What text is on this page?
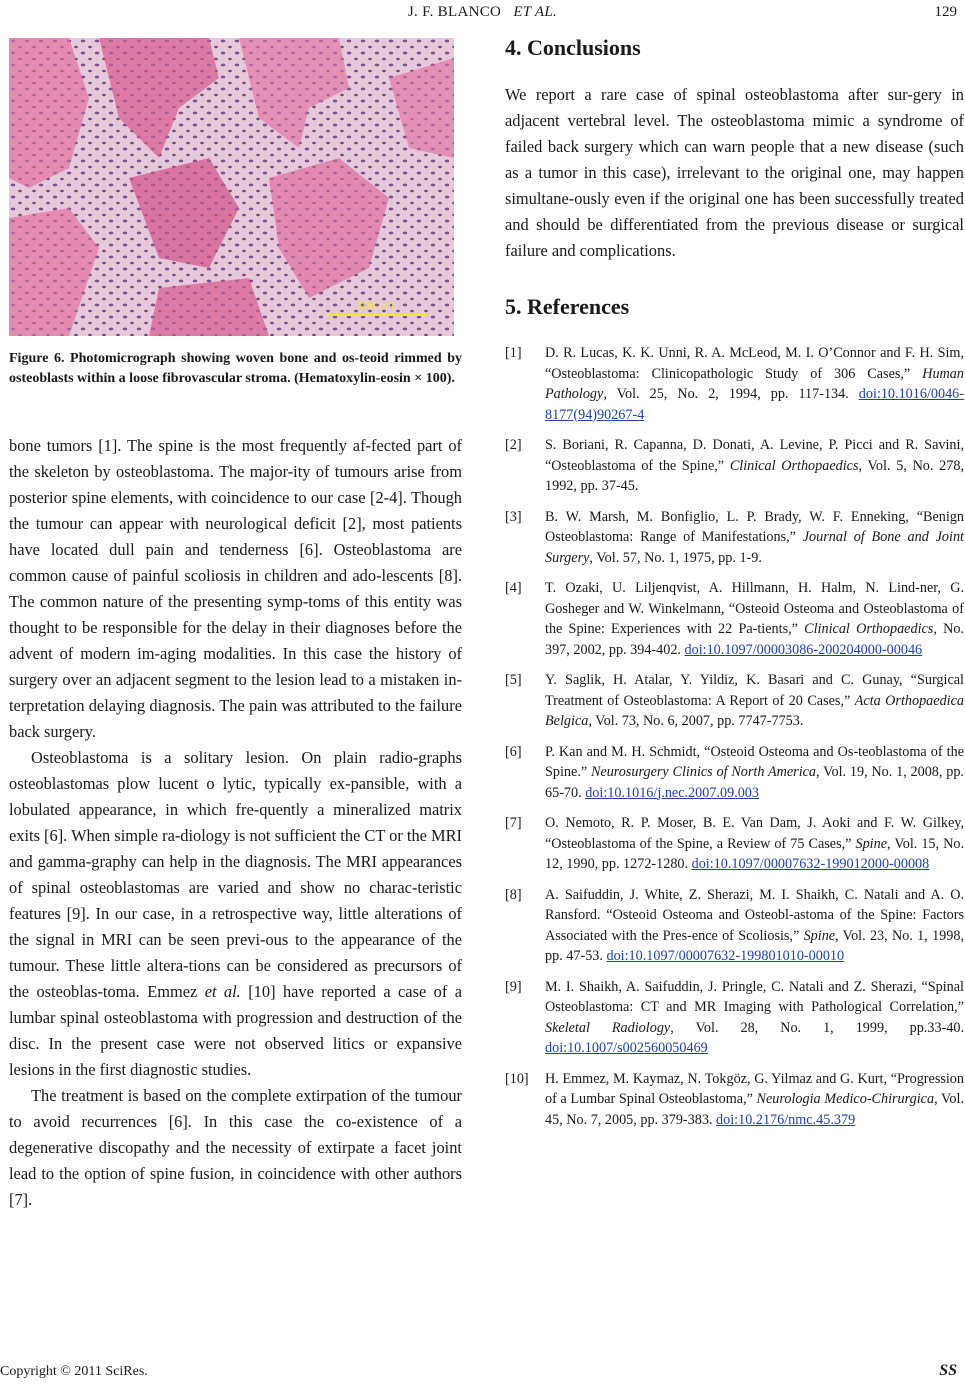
J. F. BLANCO ET AL.	129
100 µm
Figure 6. Photomicrograph showing woven bone and os-teoid rimmed by osteoblasts within a loose fibrovascular stroma. (Hematoxylin-eosin × 100).

bone tumors [1]. The spine is the most frequently af-fected part of the skeleton by osteoblastoma. The major-ity of tumours arise from posterior spine elements, with coincidence to our case [2-4]. Though the tumour can appear with neurological deficit [2], most patients have located dull pain and tenderness [6]. Osteoblastoma are common cause of painful scoliosis in children and ado-lescents [8]. The common nature of the presenting symp-toms of this entity was thought to be responsible for the delay in their diagnoses before the advent of modern im-aging modalities. In this case the history of surgery over an adjacent segment to the lesion lead to a mistaken in-terpretation delaying diagnosis. The pain was attributed to the failure back surgery.

Osteoblastoma is a solitary lesion. On plain radio-graphs osteoblastomas plow lucent o lytic, typically ex-pansible, with a lobulated appearance, in which fre-quently a mineralized matrix exits [6]. When simple ra-diology is not sufficient the CT or the MRI and gamma-graphy can help in the diagnosis. The MRI appearances of spinal osteoblastomas are varied and show no charac-teristic features [9]. In our case, in a retrospective way, little alterations of the signal in MRI can be seen previ-ous to the appearance of the tumour. These little altera-tions can be considered as precursors of the osteoblas-toma. Emmez et al. [10] have reported a case of a lumbar spinal osteoblastoma with progression and destruction of the disc. In the present case were not observed litics or expansive lesions in the first diagnostic studies.

The treatment is based on the complete extirpation of the tumour to avoid recurrences [6]. In this case the co-existence of a degenerative discopathy and the necessity of extirpate a facet joint lead to the option of spine fusion, in coincidence with other authors [7].

4. Conclusions

We report a rare case of spinal osteoblastoma after sur-gery in adjacent vertebral level. The osteoblastoma mimic a syndrome of failed back surgery which can warn people that a new disease (such as a tumor in this case), irrelevant to the original one, may happen simultane-ously even if the original one has been successfully treated and should be differentiated from the previous disease or surgical failure and complications.

5. References
[1]	D. R. Lucas, K. K. Unni, R. A. McLeod, M. I. O’Connor and F. H. Sim, “Osteoblastoma: Clinicopathologic Study of 306 Cases,” Human Pathology, Vol. 25, No. 2, 1994, pp. 117-134. doi:10.1016/0046-8177(94)90267-4
[2]	S. Boriani, R. Capanna, D. Donati, A. Levine, P. Picci and R. Savini, “Osteoblastoma of the Spine,” Clinical Orthopaedics, Vol. 5, No. 278, 1992, pp. 37-45.
[3]	B. W. Marsh, M. Bonfiglio, L. P. Brady, W. F. Enneking, “Benign Osteoblastoma: Range of Manifestations,” Journal of Bone and Joint Surgery, Vol. 57, No. 1, 1975, pp. 1-9.
[4]	T. Ozaki, U. Liljenqvist, A. Hillmann, H. Halm, N. Lind-ner, G. Gosheger and W. Winkelmann, “Osteoid Osteoma and Osteoblastoma of the Spine: Experiences with 22 Pa-tients,” Clinical Orthopaedics, No. 397, 2002, pp. 394-402. doi:10.1097/00003086-200204000-00046
[5]	Y. Saglik, H. Atalar, Y. Yildiz, K. Basari and C. Gunay, “Surgical Treatment of Osteoblastoma: A Report of 20 Cases,” Acta Orthopaedica Belgica, Vol. 73, No. 6, 2007, pp. 7747-7753.
[6]	P. Kan and M. H. Schmidt, “Osteoid Osteoma and Os-teoblastoma of the Spine.” Neurosurgery Clinics of North America, Vol. 19, No. 1, 2008, pp. 65-70. doi:10.1016/j.nec.2007.09.003
[7]	O. Nemoto, R. P. Moser, B. E. Van Dam, J. Aoki and F. W. Gilkey, “Osteoblastoma of the Spine, a Review of 75 Cases,” Spine, Vol. 15, No. 12, 1990, pp. 1272-1280. doi:10.1097/00007632-199012000-00008
[8]	A. Saifuddin, J. White, Z. Sherazi, M. I. Shaikh, C. Natali and A. O. Ransford. “Osteoid Osteoma and Osteobl-astoma of the Spine: Factors Associated with the Pres-ence of Scoliosis,” Spine, Vol. 23, No. 1, 1998, pp. 47-53. doi:10.1097/00007632-199801010-00010
[9]	M. I. Shaikh, A. Saifuddin, J. Pringle, C. Natali and Z. Sherazi, “Spinal Osteoblastoma: CT and MR Imaging with Pathological Correlation,” Skeletal Radiology, Vol. 28, No. 1, 1999, pp.33-40. doi:10.1007/s002560050469
[10]	H. Emmez, M. Kaymaz, N. Tokgöz, G. Yilmaz and G. Kurt, “Progression of a Lumbar Spinal Osteoblastoma,” Neurologia Medico-Chirurgica, Vol. 45, No. 7, 2005, pp. 379-383. doi:10.2176/nmc.45.379
Copyright © 2011 SciRes.	SS
